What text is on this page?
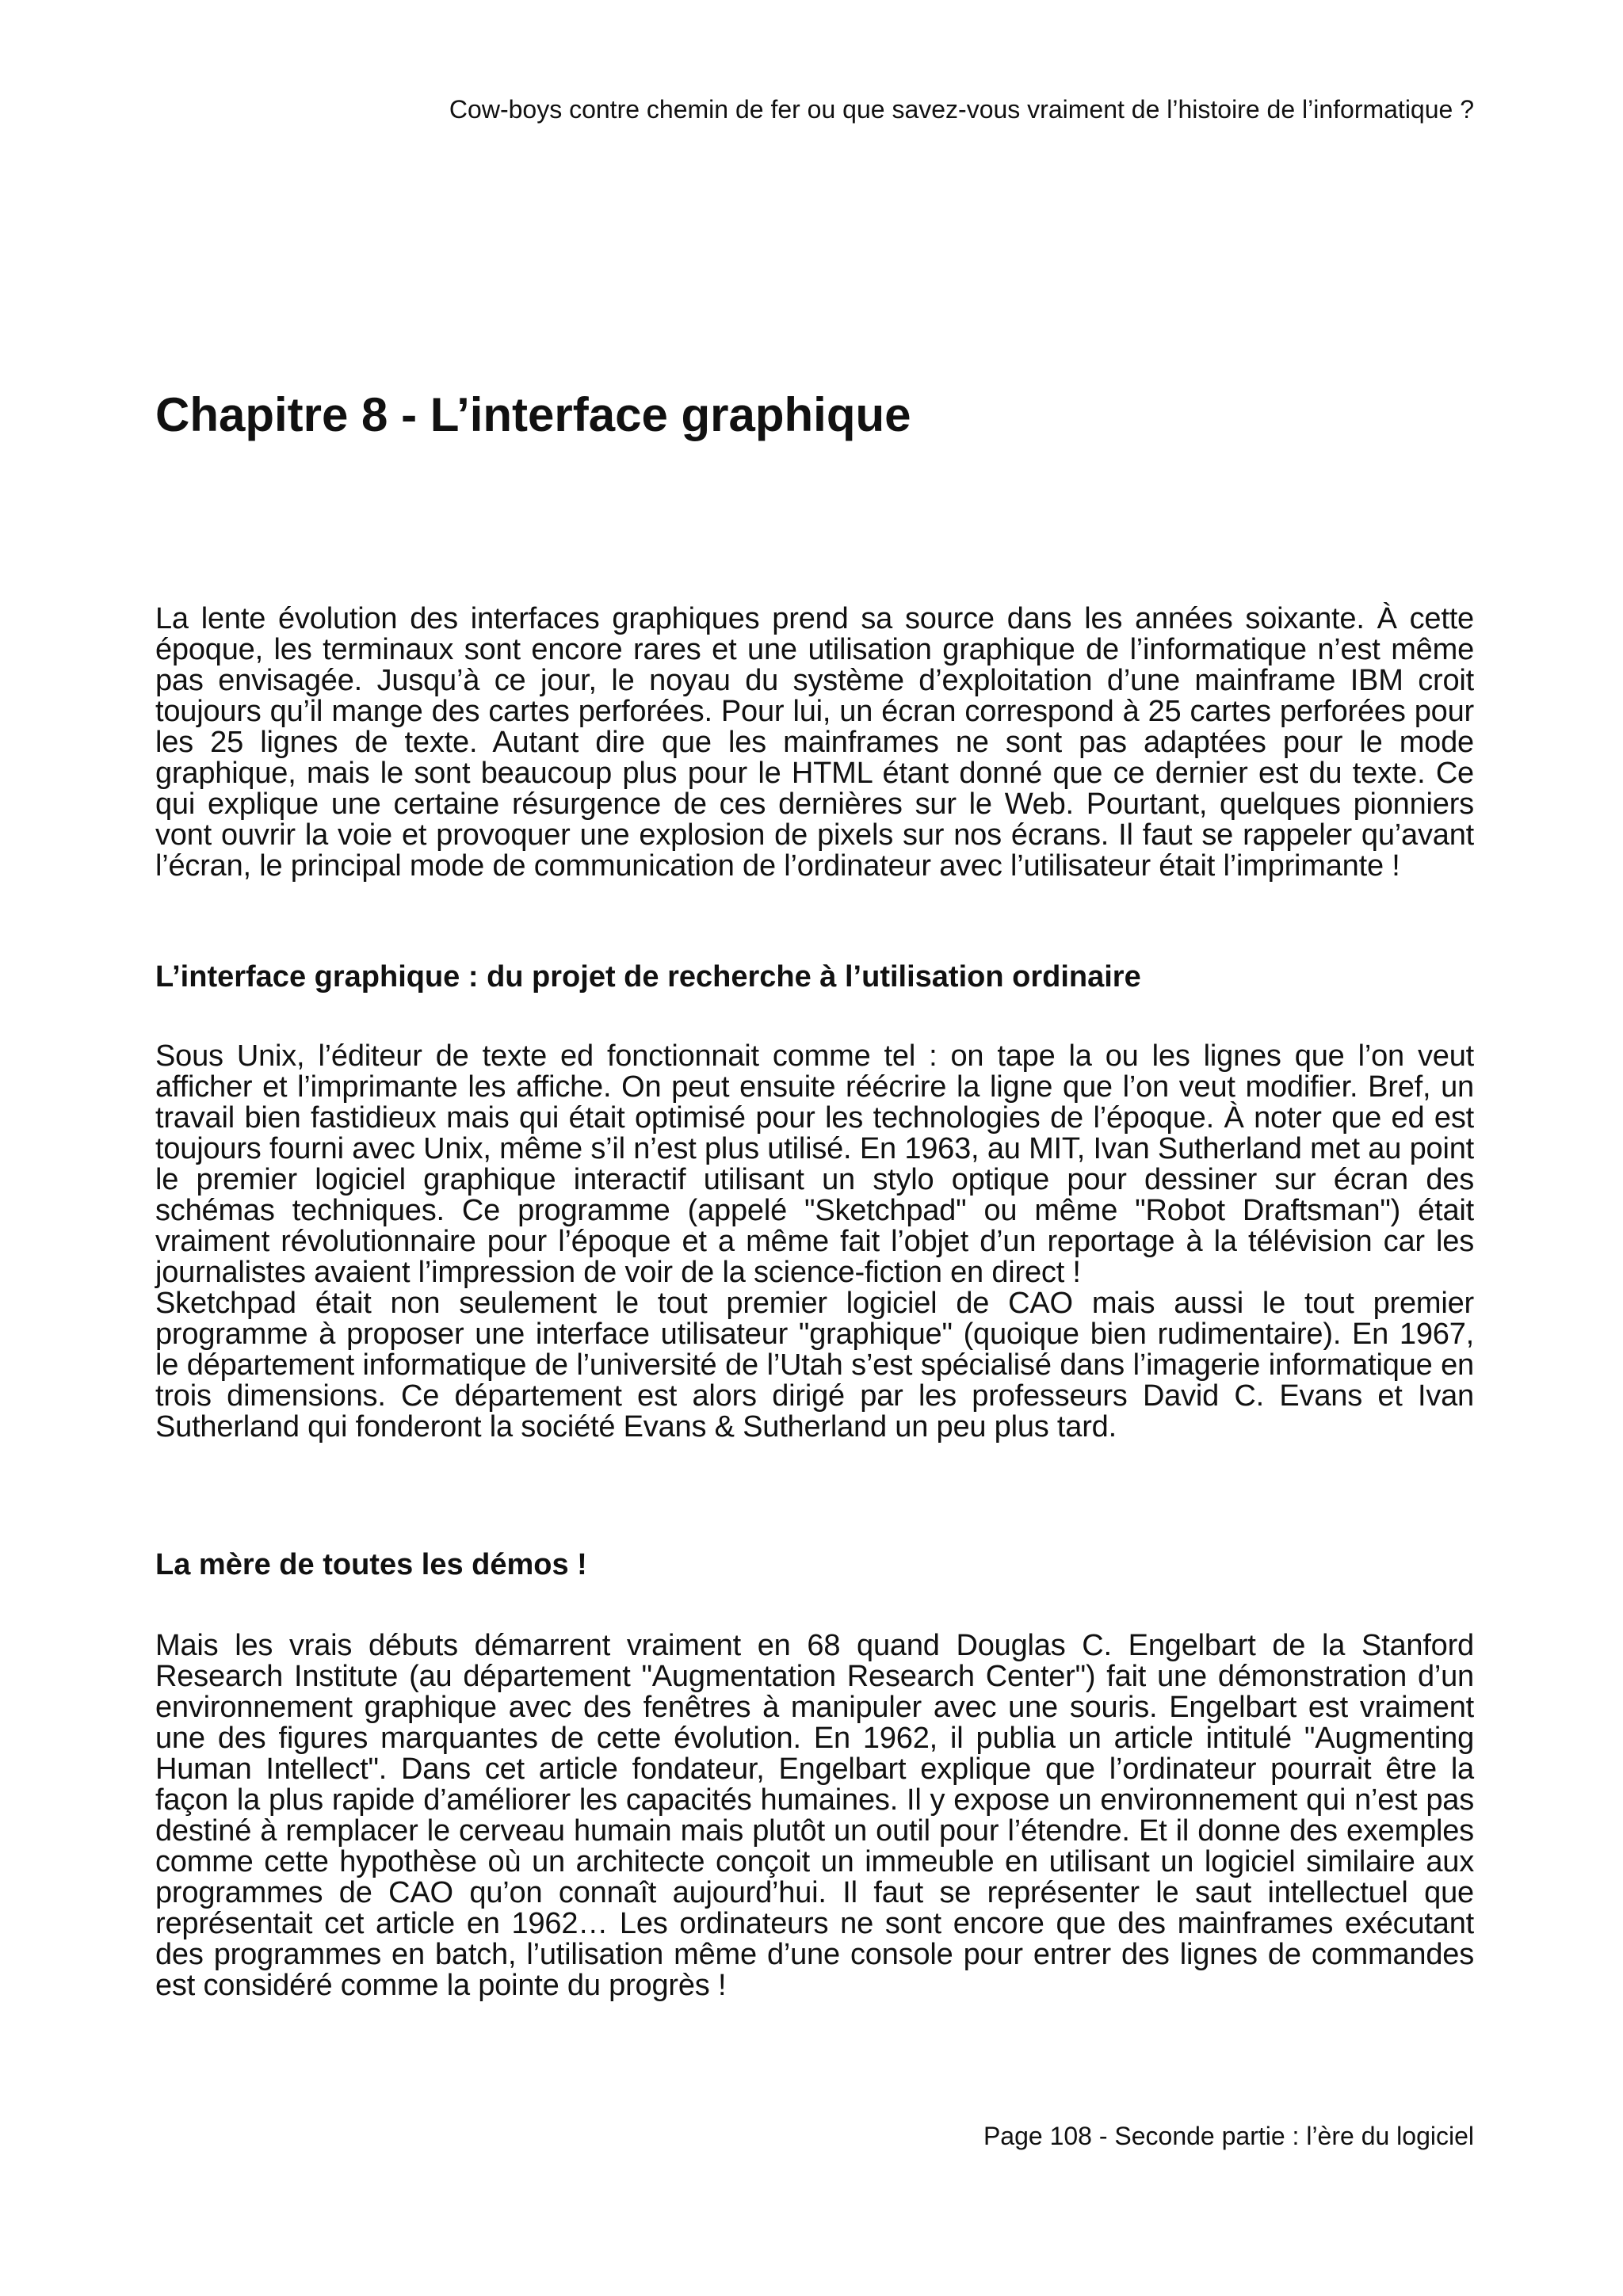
Cow-boys contre chemin de fer ou que savez-vous vraiment de l’histoire de l’informatique ?
Chapitre 8 - L’interface graphique

La lente évolution des interfaces graphiques prend sa source dans les années soixante. À cette époque, les terminaux sont encore rares et une utilisation graphique de l’informatique n’est même pas envisagée. Jusqu’à ce jour, le noyau du système d’exploitation d’une mainframe IBM croit toujours qu’il mange des cartes perforées. Pour lui, un écran correspond à 25 cartes perforées pour les 25 lignes de texte. Autant dire que les mainframes ne sont pas adaptées pour le mode graphique, mais le sont beaucoup plus pour le HTML étant donné que ce dernier est du texte. Ce qui explique une certaine résurgence de ces dernières sur le Web. Pourtant, quelques pionniers vont ouvrir la voie et provoquer une explosion de pixels sur nos écrans. Il faut se rappeler qu’avant l’écran, le principal mode de communication de l’ordinateur avec l’utilisateur était l’imprimante !

L’interface graphique : du projet de recherche à l’utilisation ordinaire

Sous Unix, l’éditeur de texte ed fonctionnait comme tel : on tape la ou les lignes que l’on veut afficher et l’imprimante les affiche. On peut ensuite réécrire la ligne que l’on veut modifier. Bref, un travail bien fastidieux mais qui était optimisé pour les technologies de l’époque. À noter que ed est toujours fourni avec Unix, même s’il n’est plus utilisé. En 1963, au MIT, Ivan Sutherland met au point le premier logiciel graphique interactif utilisant un stylo optique pour dessiner sur écran des schémas techniques. Ce programme (appelé "Sketchpad" ou même "Robot Draftsman") était vraiment révolutionnaire pour l’époque et a même fait l’objet d’un reportage à la télévision car les journalistes avaient l’impression de voir de la science-fiction en direct !

Sketchpad était non seulement le tout premier logiciel de CAO mais aussi le tout premier programme à proposer une interface utilisateur "graphique" (quoique bien rudimentaire). En 1967, le département informatique de l’université de l’Utah s’est spécialisé dans l’imagerie informatique en trois dimensions. Ce département est alors dirigé par les professeurs David C. Evans et Ivan Sutherland qui fonderont la société Evans & Sutherland un peu plus tard.

La mère de toutes les démos !

Mais les vrais débuts démarrent vraiment en 68 quand Douglas C. Engelbart de la Stanford Research Institute (au département "Augmentation Research Center") fait une démonstration d’un environnement graphique avec des fenêtres à manipuler avec une souris. Engelbart est vraiment une des figures marquantes de cette évolution. En 1962, il publia un article intitulé "Augmenting Human Intellect". Dans cet article fondateur, Engelbart explique que l’ordinateur pourrait être la façon la plus rapide d’améliorer les capacités humaines. Il y expose un environnement qui n’est pas destiné à remplacer le cerveau humain mais plutôt un outil pour l’étendre. Et il donne des exemples comme cette hypothèse où un architecte conçoit un immeuble en utilisant un logiciel similaire aux programmes de CAO qu’on connaît aujourd’hui. Il faut se représenter le saut intellectuel que représentait cet article en 1962… Les ordinateurs ne sont encore que des mainframes exécutant des programmes en batch, l’utilisation même d’une console pour entrer des lignes de commandes est considéré comme la pointe du progrès !

Page 108 - Seconde partie : l’ère du logiciel
